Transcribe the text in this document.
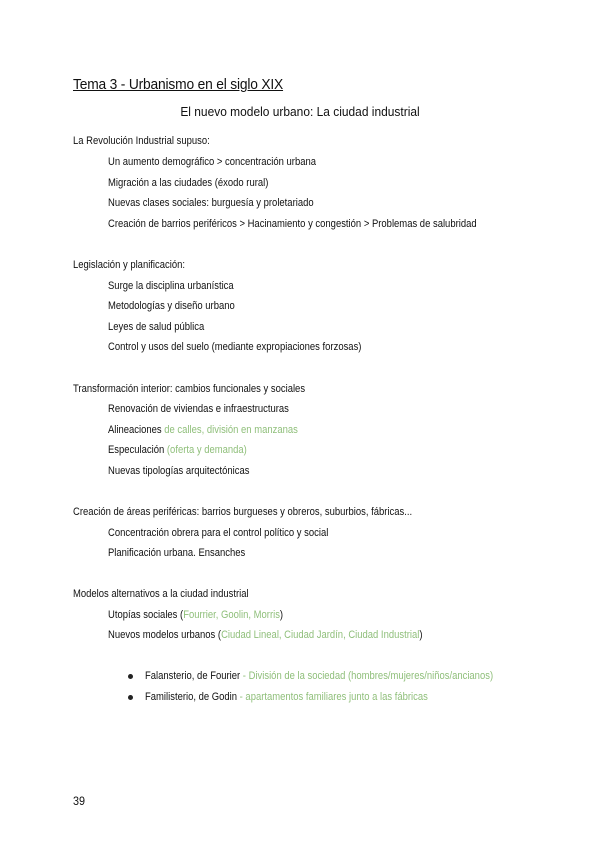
Tema 3 - Urbanismo en el siglo XIX
El nuevo modelo urbano: La ciudad industrial
La Revolución Industrial supuso:
Un aumento demográfico > concentración urbana
Migración a las ciudades (éxodo rural)
Nuevas clases sociales: burguesía y proletariado
Creación de barrios periféricos > Hacinamiento y congestión > Problemas de salubridad
Legislación y planificación:
Surge la disciplina urbanística
Metodologías y diseño urbano
Leyes de salud pública
Control y usos del suelo (mediante expropiaciones forzosas)
Transformación interior: cambios funcionales y sociales
Renovación de viviendas e infraestructuras
Alineaciones de calles, división en manzanas
Especulación (oferta y demanda)
Nuevas tipologías arquitectónicas
Creación de áreas periféricas: barrios burgueses y obreros, suburbios, fábricas...
Concentración obrera para el control político y social
Planificación urbana. Ensanches
Modelos alternativos a la ciudad industrial
Utopías sociales (Fourrier, Goolin, Morris)
Nuevos modelos urbanos (Ciudad Lineal, Ciudad Jardín, Ciudad Industrial)
Falansterio, de Fourier - División de la sociedad (hombres/mujeres/niños/ancianos)
Familisterio, de Godin - apartamentos familiares junto a las fábricas
39
